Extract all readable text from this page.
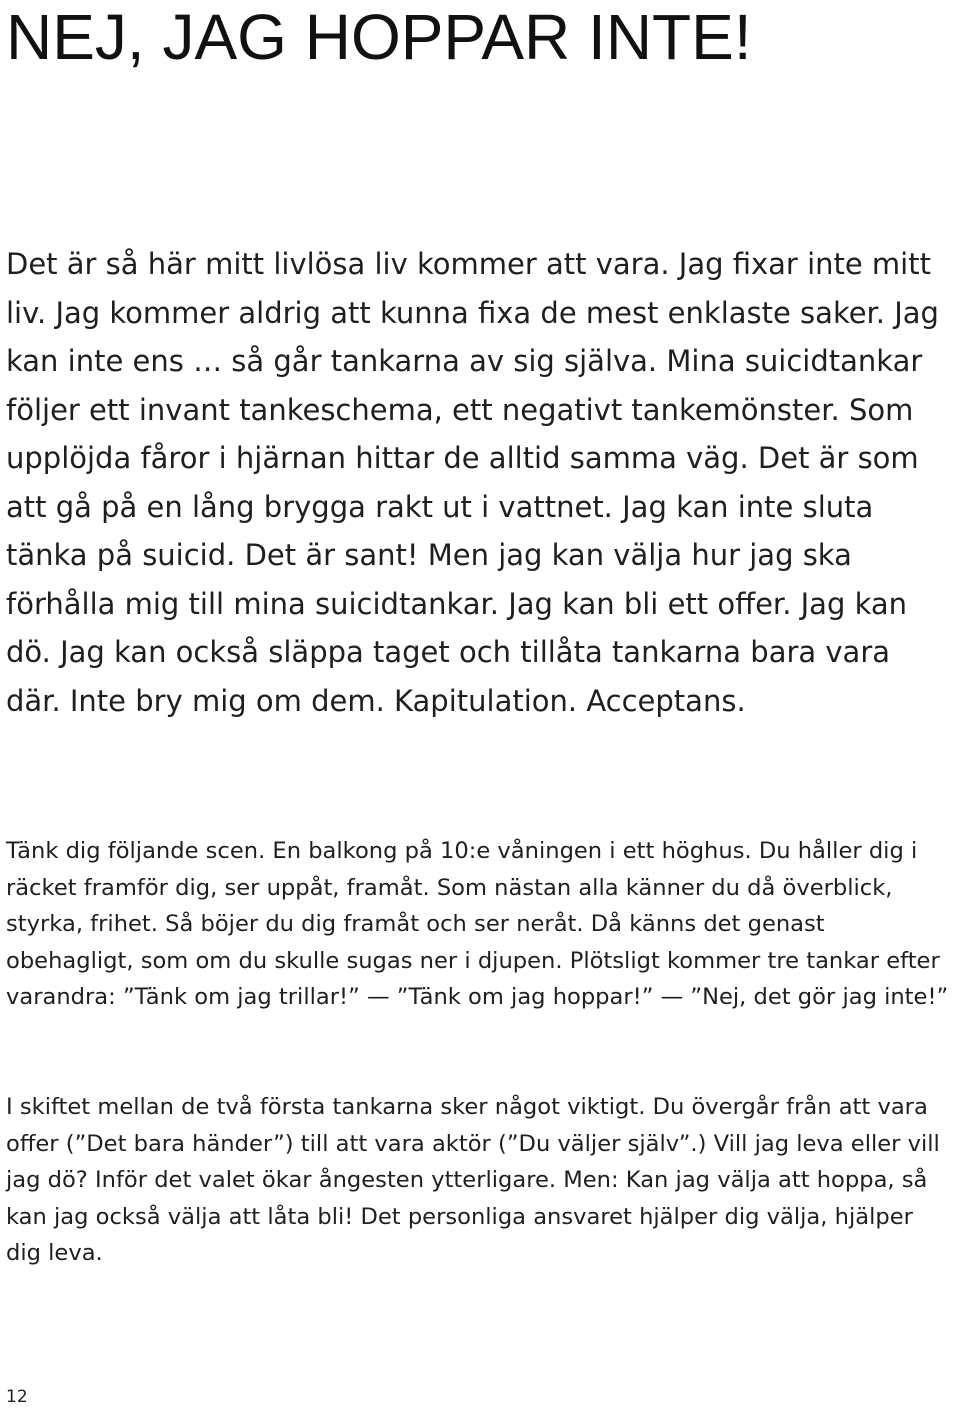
NEJ, JAG HOPPAR INTE!

Det är så här mitt livlösa liv kommer att vara. Jag fixar inte mitt liv. Jag kommer aldrig att kunna fixa de mest enklaste saker. Jag kan inte ens … så går tankarna av sig själva. Mina suicidtankar följer ett invant tankeschema, ett negativt tankemönster. Som upplöjda fåror i hjärnan hittar de alltid samma väg. Det är som att gå på en lång brygga rakt ut i vattnet. Jag kan inte sluta tänka på suicid. Det är sant! Men jag kan välja hur jag ska förhålla mig till mina suicidtankar. Jag kan bli ett offer. Jag kan dö. Jag kan också släppa taget och tillåta tankarna bara vara där. Inte bry mig om dem. Kapitulation. Acceptans.

Tänk dig följande scen. En balkong på 10:e våningen i ett höghus. Du håller dig i räcket framför dig, ser uppåt, framåt. Som nästan alla känner du då överblick, styrka, frihet. Så böjer du dig framåt och ser neråt. Då känns det genast obehagligt, som om du skulle sugas ner i djupen. Plötsligt kommer tre tankar efter varandra: ”Tänk om jag trillar!” — ”Tänk om jag hoppar!” — ”Nej, det gör jag inte!”

I skiftet mellan de två första tankarna sker något viktigt. Du övergår från att vara offer (”Det bara händer”) till att vara aktör (”Du väljer själv”.) Vill jag leva eller vill jag dö? Inför det valet ökar ångesten ytterligare. Men: Kan jag välja att hoppa, så kan jag också välja att låta bli! Det personliga ansvaret hjälper dig välja, hjälper dig leva.

12
